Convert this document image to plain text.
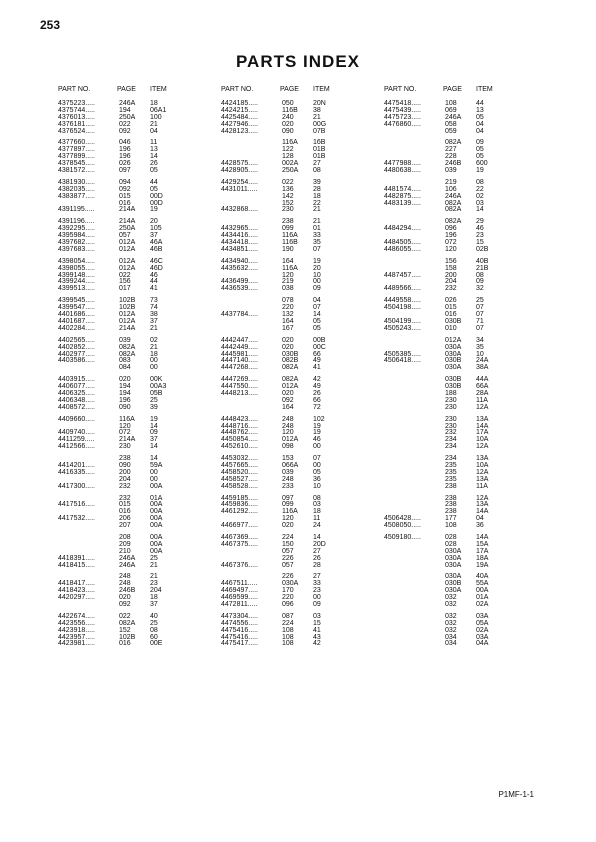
253
PARTS INDEX
PART NO.	PAGE ITEM
4375223.....	246A 18
4375744.....	194	06A1
4376013.....	250A 100
4376181.....	022	21
4376524.....	092	04
4377660.....	046	11
4377897.....	196	13
4377899.....	196	14
4378545.....	026	26
4381572.....	097	05
4381930.....	094	44
4382035.....	092	05
4383877.....	015	00D
016	00D
4391195.....	214A 19
4391196.....	214A 20
4392295.....	250A 105
4395984.....	057	37
4397682.....	012A 46A
4397683.....	012A 46B
4398054.....	012A 46C
4398055.....	012A 46D
4399148.....	022	46
4399244.....	156	44
4399513.....	017	41
4399545.....	102B 73
4399547.....	102B 74
4401686.....	012A 38
4401687.....	012A 37
4402284.....	214A 21
4402565.....	039	02
4402852.....	082A 21
4402977.....	082A 18
4403586.....	083	00
084	00
4403915.....	020	00K
4406077.....	194	00A3
4406325.....	194	05B
4406348.....	196	25
4408572.....	090	39
4409660.....	116A 19
120	14
4409740.....	072	09
4411259.....	214A 37
4412566.....	230	14
238	14
4414201.....	090	59A
4416335.....	200	00
204	00
4417300.....	232	00A
232	01A
4417516.....	015	00A
016	00A
4417532.....	206	00A
207	00A
208	00A
209	00A
210	00A
4418391.....	246A 25
4418415.....	246A 21
248	21
4418417.....	248	23
4418423.....	246B 204
4420297.....	020	18
092	37
4422674.....	022	40
4423556.....	082A 25
4423918.....	152	08
4423957.....	102B 60
4423981.....	016	00E
PART NO.	PAGE ITEM
4424185.....	050	20N
4424215.....	116B 38
4425484.....	240	21
4427946.....	020	00G
4428123.....	090	07B
116A 16B
122	01B
128	01B
4428575.....	002A 27
4428905.....	250A 08
4429254.....	022	39
4431011.....	136	28
142	18
152	22
4432868.....	230	21
238	21
4432965.....	099	01
4434416.....	116A 33
4434418.....	116B 35
4434851.....	190	07
4434940.....	164	19
4435632.....	116A 20
120	10
4436499.....	219	00
4436539.....	038	09
078	04
220	07
4437784.....	132	14
164	05
167	05
4442447.....	020	00B
4442449.....	020	00C
4445981.....	030B 66
4447140.....	082B 49
4447268.....	082A 41
4447269.....	082A 42
4447550.....	012A 49
4448213.....	020	26
092	66
164	72
4448423.....	248	102
4448716.....	248	19
4448762.....	120	19
4450854.....	012A 46
4452610.....	098	00
4453032.....	153	07
4457665.....	066A 00
4458520.....	039	05
4458527.....	248	36
4458528.....	233	10
4459185.....	097	08
4459836.....	099	03
4461292.....	116A 18
120	11
4466977.....	020	24
4467369.....	224	14
4467375.....	150	20D
057	27
226	26
4467376.....	057	28
226	27
4467511.....	030A 33
4469497.....	170	23
4469599.....	220	00
4472811.....	096	09
4473304.....	087	03
4474556.....	224	15
4475416.....	108	41
4475416.....	108	43
4475417.....	108	42
PART NO.	PAGE ITEM
4475418.....	108	44
4475439.....	069	13
4475723.....	246A 05
4476860.....	058	04
059	04
082A 09
227	05
228	05
4477988.....	246B 600
4480638.....	039	19
219	08
4481574.....	106	22
4482875.....	246A 02
4483139.....	082A 03
082A 14
082A 29
4484294.....	096	46
196	23
4484505.....	072	15
4486055.....	120	02B
156	40B
158	21B
4487457.....	200	08
204	09
4489566.....	232	32
4449558.....	026	25
4504198.....	015	07
016	07
4504199.....	030B 71
4505243.....	010	07
012A 34
030A 35
4505385.....	030A 10
4506418.....	030B 24A
030A 38A
030B 44A
030B 66A
188	28A
230	11A
230	12A
230	13A
230	14A
232	17A
234	10A
234	12A
234	13A
235	10A
235	12A
235	13A
238	11A
238	12A
238	13A
238	14A
4506428.....	177	04
4508050.....	108	36
4509180.....	028	14A
028	15A
030A 17A
030A 18A
030A 19A
030A 40A
030B 55A
030A 00A
032	01A
032	02A
032	03A
032	05A
032	02A
034	03A
034	04A
P1MF-1-1
